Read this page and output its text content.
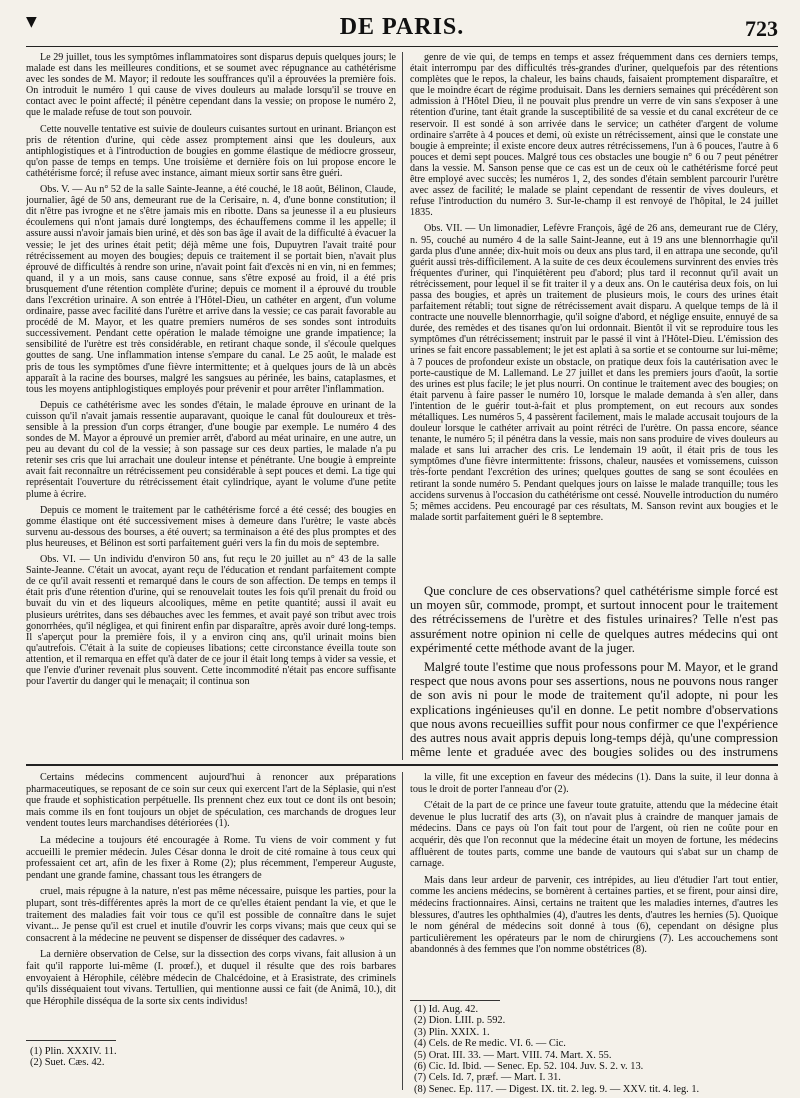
▼	DE PARIS.	723

Le 29 juillet, tous les symptômes inflammatoires sont disparus depuis quelques jours; le malade est dans les meilleures conditions, et se soumet avec répugnance au cathétérisme avec les sondes de M. Mayor; il redoute les souffrances qu'il a éprouvées la première fois. On introduit le numéro 1 qui cause de vives douleurs au malade lorsqu'il se trouve en contact avec le point affecté; il pénètre cependant dans la vessie; on propose le numéro 2, que le malade refuse de tout son pouvoir.

Cette nouvelle tentative est suivie de douleurs cuisantes surtout en urinant. Briançon est pris de rétention d'urine, qui cède assez promptement ainsi que les douleurs, aux antiphlogistiques et à l'introduction de bougies en gomme élastique de médiocre grosseur, qu'on passe de temps en temps. Une troisième et dernière fois on lui propose encore le cathétérisme forcé; il refuse avec instance, aimant mieux sortir sans être guéri.

Obs. V. — Au n° 52 de la salle Sainte-Jeanne, a été couché, le 18 août, Bélinon, Claude, journalier, âgé de 50 ans, demeurant rue de la Cerisaire, n. 4, d'une bonne constitution; il dit n'être pas ivrogne et ne s'être jamais mis en ribotte. Dans sa jeunesse il a eu plusieurs écoulemens qui n'ont jamais duré longtemps, des échauffemens comme il les appelle; il assure aussi n'avoir jamais bien uriné, et dès son bas âge il avait de la difficulté à évacuer la vessie; le jet des urines était petit; déjà même une fois, Dupuytren l'avait traité pour rétrécissement au moyen des bougies; depuis ce traitement il se portait bien, n'avait plus éprouvé de difficultés à rendre son urine, n'avait point fait d'excès ni en vin, ni en femmes; quand, il y a un mois, sans cause connue, sans s'être exposé au froid, il a été pris brusquement d'une rétention complète d'urine; depuis ce moment il a éprouvé du trouble dans l'excrétion urinaire. A son entrée à l'Hôtel-Dieu, un cathéter en argent, d'un volume ordinaire, passe avec facilité dans l'urètre et arrive dans la vessie; ce cas parait favorable au procédé de M. Mayor, et les quatre premiers numéros de ses sondes sont introduits successivement. Pendant cette opération le malade témoigne une grande impatience; la sensibilité de l'urètre est très considérable, en retirant chaque sonde, il s'écoule quelques gouttes de sang. Une inflammation intense s'empare du canal. Le 25 août, le malade est pris de tous les symptômes d'une fièvre intermittente; et à quelques jours de là un abcès apparaît à la racine des bourses, malgré les sangsues au périnée, les bains, cataplasmes, et tous les moyens antiphlogistiques employés pour prévenir et pour arrêter l'inflammation.

Depuis ce cathétérisme avec les sondes d'étain, le malade éprouve en urinant de la cuisson qu'il n'avait jamais ressentie auparavant, quoique le canal fût douloureux et très-sensible à la pression d'un corps étranger, d'une bougie par exemple. Le numéro 4 des sondes de M. Mayor a éprouvé un premier arrêt, d'abord au méat urinaire, en une autre, un peu au devant du col de la vessie; à son passage sur ces deux parties, le malade n'a pu retenir ses cris que lui arrachait une douleur intense et pénétrante. Une bougie à empreinte avait fait reconnaître un rétrécissement peu considérable à sept pouces et demi. La tige qui représentait l'ouverture du rétrécissement était cylindrique, ayant le volume d'une petite plume à écrire.

Depuis ce moment le traitement par le cathétérisme forcé a été cessé; des bougies en gomme élastique ont été successivement mises à demeure dans l'urètre; le vaste abcès survenu au-dessous des bourses, a été ouvert; sa terminaison a été des plus promptes et des plus heureuses, et Bélinon est sorti parfaitement guéri vers la fin du mois de septembre.

Obs. VI. — Un individu d'environ 50 ans, fut reçu le 20 juillet au n° 43 de la salle Sainte-Jeanne. C'était un avocat, ayant reçu de l'éducation et rendant parfaitement compte de ce qu'il avait ressenti et remarqué dans le cours de son affection. De temps en temps il était pris d'une rétention d'urine, qui se renouvelait toutes les fois qu'il prenait du froid ou buvait du vin et des liqueurs alcooliques, même en petite quantité; aussi il avait eu plusieurs urétrites, dans ses débauches avec les femmes, et avait payé son tribut avec trois gonorrhées, qu'il négligea, et qui finirent enfin par disparaître, après avoir duré long-temps. Il s'aperçut pour la première fois, il y a environ cinq ans, qu'il urinait moins bien qu'autrefois. C'était à la suite de copieuses libations; cette circonstance éveilla toute son attention, et il remarqua en effet qu'à dater de ce jour il était long temps à vider sa vessie, et que l'envie d'uriner revenait plus souvent. Cette incommodité n'était pas encore suffisante pour l'avertir du danger qui le menaçait; il continua son

genre de vie qui, de temps en temps et assez fréquemment dans ces derniers temps, était interrompu par des difficultés très-grandes d'uriner, quelquefois par des rétentions complètes que le repos, la chaleur, les bains chauds, faisaient promptement disparaître, et que le moindre écart de régime produisait. Dans les derniers semaines qui précédèrent son admission à l'Hôtel Dieu, il ne pouvait plus prendre un verre de vin sans s'exposer à une rétention d'urine, tant était grande la susceptibilité de sa vessie et du canal excréteur de ce reservoir. Il est sondé à son arrivée dans le service; un cathéter d'argent de volume ordinaire s'arrête à 4 pouces et demi, où existe un rétrécissement, ainsi que le constate une bougie à empreinte; il existe encore deux autres rétrécissemens, l'un à 6 pouces, l'autre à 6 pouces et demi sept pouces. Malgré tous ces obstacles une bougie n° 6 ou 7 peut pénétrer dans la vessie. M. Sanson pense que ce cas est un de ceux où le cathétérisme forcé peut être employé avec succès; les numéros 1, 2, des sondes d'étain semblent parcourir l'urètre avec assez de facilité; le malade se plaint cependant de ressentir de vives douleurs, et refuse l'introduction du numéro 3. Sur-le-champ il est renvoyé de l'hôpital, le 24 juillet 1835.

Obs. VII. — Un limonadier, Lefèvre François, âgé de 26 ans, demeurant rue de Cléry, n. 95, couché au numéro 4 de la salle Saint-Jeanne, eut à 19 ans une blennorrhagie qu'il garda plus d'une année; dix-huit mois ou deux ans plus tard, il en attrapa une seconde, qu'il guérit aussi très-difficilement. A la suite de ces deux écoulemens survinrent des envies très fréquentes d'uriner, qui l'inquiétèrent peu d'abord; plus tard il reconnut qu'il avait un rétrécissement, pour lequel il se fit traiter il y a deux ans. On le cautérisa deux fois, on lui passa des bougies, et après un traitement de plusieurs mois, le cours des urines était parfaitement rétabli; tout signe de rétrécissement avait disparu. A quelque temps de là il contracte une nouvelle blennorrhagie, qu'il soigne d'abord, et néglige ensuite, ennuyé de sa durée, des remèdes et des tisanes qu'on lui ordonnait. Bientôt il vit se reproduire tous les symptômes d'un rétrécissement; instruit par le passé il vint à l'Hôtel-Dieu. L'émission des urines se fait encore passablement; le jet est aplati à sa sortie et se contourne sur lui-même; à 7 pouces de profondeur existe un obstacle, on pratique deux fois la cautérisation avec le porte-caustique de M. Lallemand. Le 27 juillet et dans les premiers jours d'août, la sortie des urines est plus facile; le jet plus nourri. On continue le traitement avec des bougies; on était parvenu à faire passer le numéro 10, lorsque le malade demanda à s'en aller, dans l'intention de le guérir tout-à-fait et plus promptement, on eut recours aux sondes métalliques. Les numéros 5, 4 passèrent facilement, mais le malade accusait toujours de la douleur lorsque le cathéter arrivait au point rétréci de l'urètre. On passa encore, séance tenante, le numéro 5; il pénétra dans la vessie, mais non sans produire de vives douleurs au malade et sans lui arracher des cris. Le lendemain 19 août, il était pris de tous les symptômes d'une fièvre intermittente: frissons, chaleur, nausées et vomissemens, cuisson très-forte pendant l'excrétion des urines; quelques gouttes de sang se sont écoulées en retirant la sonde numéro 5. Pendant quelques jours on laisse le malade tranquille; tous les accidens survenus à l'occasion du cathétérisme ont cessé. Nouvelle introduction du numéro 5; mêmes accidens. Peu encouragé par ces résultats, M. Sanson revint aux bougies et le malade sortit parfaitement guéri le 8 septembre.

Que conclure de ces observations? quel cathétérisme simple forcé est un moyen sûr, commode, prompt, et surtout innocent pour le traitement des rétrécissemens de l'urètre et des fistules urinaires? Telle n'est pas assurément notre opinion ni celle de quelques autres médecins qui ont expérimenté cette méthode avant de la juger.

Malgré toute l'estime que nous professons pour M. Mayor, et le grand respect que nous avons pour ses assertions, nous ne pouvons nous ranger de son avis ni pour le mode de traitement qu'il adopte, ni pour les explications ingénieuses qu'il en donne. Le petit nombre d'observations que nous avons recueillies suffit pour nous confirmer ce que l'expérience des autres nous avait appris depuis long-temps déjà, qu'une compression même lente et graduée avec des bougies solides ou des instrumens

Certains médecins commencent aujourd'hui à renoncer aux préparations pharmaceutiques, se reposant de ce soin sur ceux qui exercent l'art de la Séplasie, qui n'est que fraude et sophistication perpétuelle. Ils prennent chez eux tout ce dont ils ont besoin; mais comme ils en font toujours un objet de spéculation, ces marchands de drogues leur vendent toutes leurs marchandises détériorées (1).

La médecine a toujours été encouragée à Rome. Tu viens de voir comment y fut accueilli le premier médecin. Jules César donna le droit de cité romaine à tous ceux qui professaient cet art, afin de les fixer à Rome (2); plus récemment, l'empereur Auguste, pendant une grande famine, chassant tous les étrangers de

cruel, mais répugne à la nature, n'est pas même nécessaire, puisque les parties, pour la plupart, sont très-différentes après la mort de ce qu'elles étaient pendant la vie, et que le traitement des maladies fait voir tous ce qu'il est possible de connaître dans le sujet vivant... Je pense qu'il est cruel et inutile d'ouvrir les corps vivans; mais que ceux qui se consacrent à la médecine ne peuvent se dispenser de disséquer des cadavres. »

La dernière observation de Celse, sur la dissection des corps vivans, fait allusion à un fait qu'il rapporte lui-même (I. proœf.), et duquel il résulte que des rois barbares envoyaient à Hérophile, célèbre médecin de Chalcédoine, et à Erasistrate, des criminels qu'ils disséquaient tout vivans. Tertullien, qui mentionne aussi ce fait (de Animâ, 10.), dit que Hérophile disséqua de la sorte six cents individus!

(1) Plin. XXXIV. 11.
(2) Suet. Cæs. 42.

la ville, fit une exception en faveur des médecins (1). Dans la suite, il leur donna à tous le droit de porter l'anneau d'or (2).

C'était de la part de ce prince une faveur toute gratuite, attendu que la médecine était devenue le plus lucratif des arts (3), on n'avait plus à craindre de manquer jamais de médecins. Dans ce pays où l'on fait tout pour de l'argent, où rien ne coûte pour en acquérir, dès que l'on reconnut que la médecine était un moyen de fortune, les médecins affluèrent de toutes parts, comme une bande de vautours qui s'abat sur un champ de carnage.

Mais dans leur ardeur de parvenir, ces intrépides, au lieu d'étudier l'art tout entier, comme les anciens médecins, se bornèrent à certaines parties, et se firent, pour ainsi dire, médecins fractionnaires. Ainsi, certains ne traitent que les maladies internes, d'autres les blessures, d'autres les ophthalmies (4), d'autres les dents, d'autres les hernies (5). Quoique le nom général de médecins soit donné à tous (6), cependant on désigne plus particulièrement les opérateurs par le nom de chirurgiens (7). Les accouchemens sont abandonnés à des femmes que l'on nomme obstétrices (8).

(1) Id. Aug. 42.
(2) Dion. LIII. p. 592.
(3) Plin. XXIX. 1.
(4) Cels. de Re medic. VI. 6. — Cic.
(5) Orat. III. 33. — Mart. VIII. 74. Mart. X. 55.
(6) Cic. Id. Ibid. — Senec. Ep. 52. 104. Juv. S. 2. v. 13.
(7) Cels. Id. 7, præf. — Mart. I. 31.
(8) Senec. Ep. 117. — Digest. IX. tit. 2. leg. 9. — XXV. tit. 4. leg. 1.
